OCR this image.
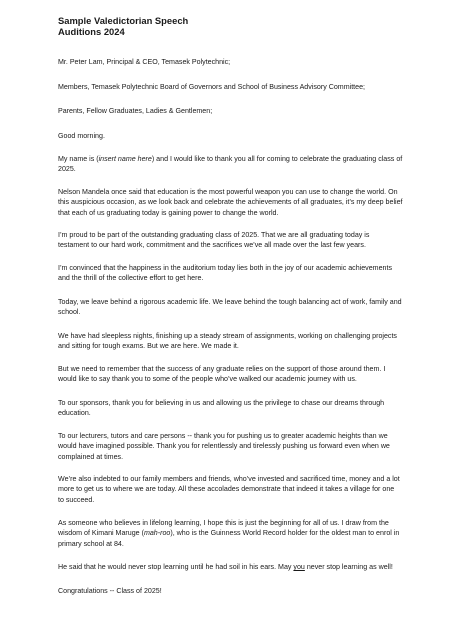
Sample Valedictorian Speech
Auditions 2024

Mr. Peter Lam, Principal & CEO, Temasek Polytechnic;

Members, Temasek Polytechnic Board of Governors and School of Business Advisory Committee;

Parents, Fellow Graduates, Ladies & Gentlemen;

Good morning.

My name is (insert name here) and I would like to thank you all for coming to celebrate the graduating class of
2025.

Nelson Mandela once said that education is the most powerful weapon you can use to change the world. On
this auspicious occasion, as we look back and celebrate the achievements of all graduates, it’s my deep belief
that each of us graduating today is gaining power to change the world.

I’m proud to be part of the outstanding graduating class of 2025. That we are all graduating today is
testament to our hard work, commitment and the sacrifices we’ve all made over the last few years.

I’m convinced that the happiness in the auditorium today lies both in the joy of our academic achievements
and the thrill of the collective effort to get here.

Today, we leave behind a rigorous academic life. We leave behind the tough balancing act of work, family and
school.

We have had sleepless nights, finishing up a steady stream of assignments, working on challenging projects
and sitting for tough exams. But we are here. We made it.

But we need to remember that the success of any graduate relies on the support of those around them. I
would like to say thank you to some of the people who’ve walked our academic journey with us.

To our sponsors, thank you for believing in us and allowing us the privilege to chase our dreams through
education.

To our lecturers, tutors and care persons -- thank you for pushing us to greater academic heights than we
would have imagined possible. Thank you for relentlessly and tirelessly pushing us forward even when we
complained at times.

We’re also indebted to our family members and friends, who’ve invested and sacrificed time, money and a lot
more to get us to where we are today. All these accolades demonstrate that indeed it takes a village for one
to succeed.

As someone who believes in lifelong learning, I hope this is just the beginning for all of us. I draw from the
wisdom of Kimani Maruge (mah-roo), who is the Guinness World Record holder for the oldest man to enrol in
primary school at 84.

He said that he would never stop learning until he had soil in his ears. May you never stop learning as well!

Congratulations -- Class of 2025!
